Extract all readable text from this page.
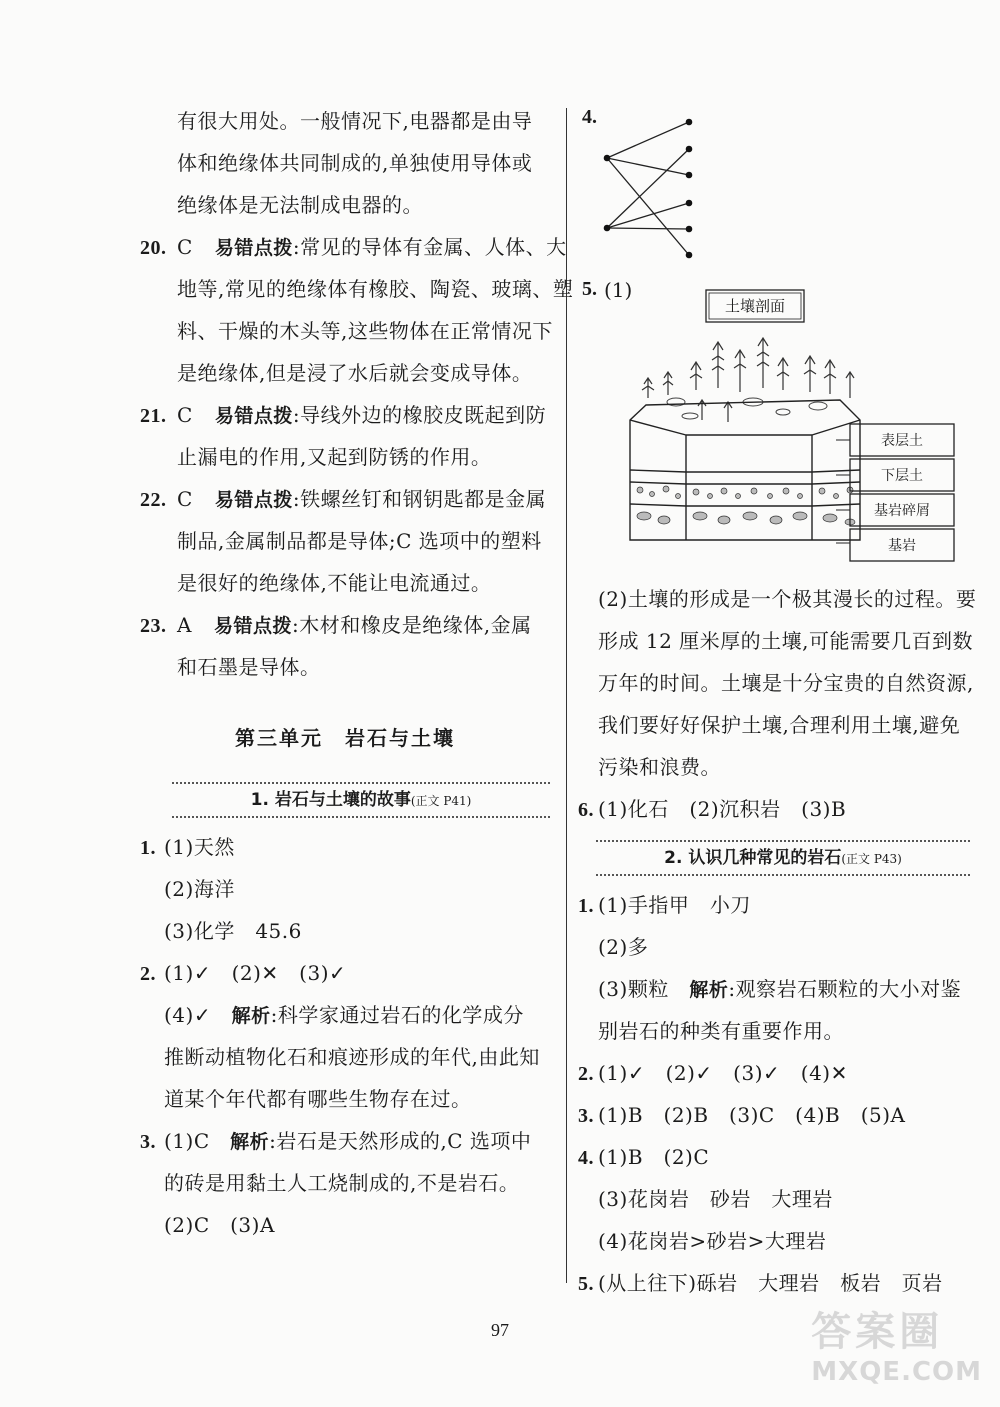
有很大用处。一般情况下,电器都是由导
体和绝缘体共同制成的,单独使用导体或
绝缘体是无法制成电器的。
20. C 易错点拨:常见的导体有金属、人体、大
地等,常见的绝缘体有橡胶、陶瓷、玻璃、塑
料、干燥的木头等,这些物体在正常情况下
是绝缘体,但是浸了水后就会变成导体。
21. C 易错点拨:导线外边的橡胶皮既起到防
止漏电的作用,又起到防锈的作用。
22. C 易错点拨:铁螺丝钉和钢钥匙都是金属
制品,金属制品都是导体;C 选项中的塑料
是很好的绝缘体,不能让电流通过。
23. A 易错点拨:木材和橡皮是绝缘体,金属
和石墨是导体。
第三单元　岩石与土壤
1. 岩石与土壤的故事(正文 P41)
1. (1)天然
(2)海洋
(3)化学　45.6
2. (1)✓　(2)✕　(3)✓
(4)✓　解析:科学家通过岩石的化学成分
推断动植物化石和痕迹形成的年代,由此知
道某个年代都有哪些生物存在过。
3. (1)C　解析:岩石是天然形成的,C 选项中
的砖是用黏土人工烧制成的,不是岩石。
(2)C　(3)A
4.
5. (1)
土壤剖面
表层土
下层土
基岩碎屑
基岩
(2)土壤的形成是一个极其漫长的过程。要
形成 12 厘米厚的土壤,可能需要几百到数
万年的时间。土壤是十分宝贵的自然资源,
我们要好好保护土壤,合理利用土壤,避免
污染和浪费。
6. (1)化石　(2)沉积岩　(3)B
2. 认识几种常见的岩石(正文 P43)
1. (1)手指甲　小刀
(2)多
(3)颗粒　解析:观察岩石颗粒的大小对鉴
别岩石的种类有重要作用。
2. (1)✓　(2)✓　(3)✓　(4)✕
3. (1)B　(2)B　(3)C　(4)B　(5)A
4. (1)B　(2)C
(3)花岗岩　砂岩　大理岩
(4)花岗岩>砂岩>大理岩
5. (从上往下)砾岩　大理岩　板岩　页岩
97	答案圈
MXQE.COM
